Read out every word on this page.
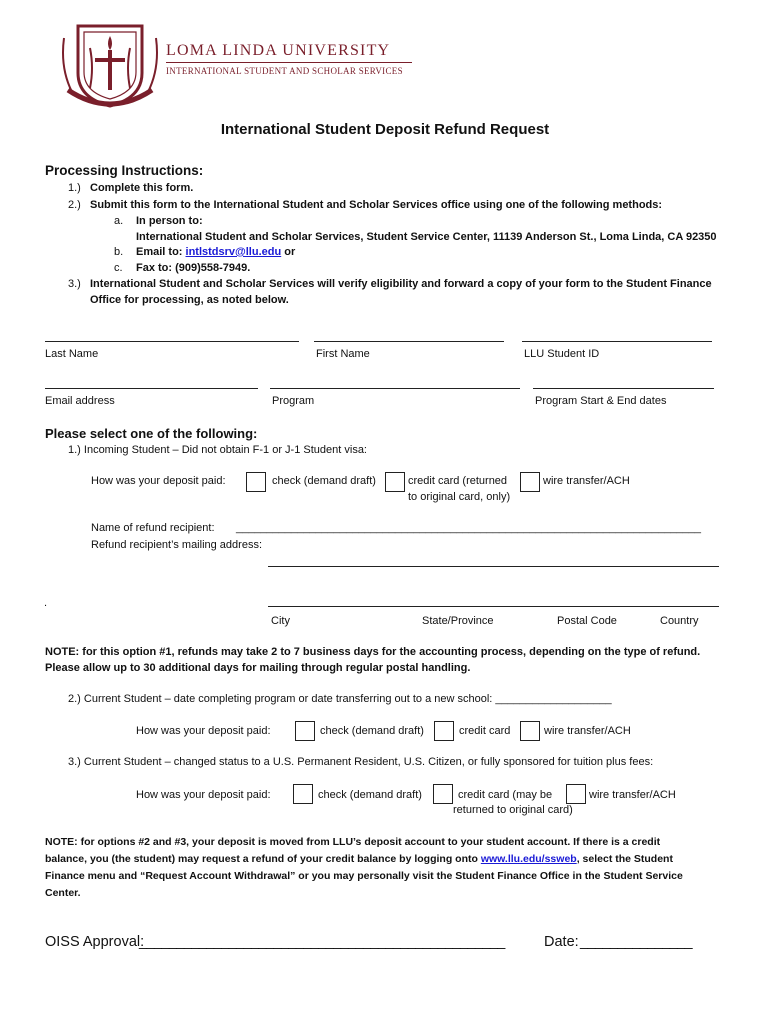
LOMA LINDA UNIVERSITY
INTERNATIONAL STUDENT AND SCHOLAR SERVICES
International Student Deposit Refund Request
Processing Instructions:
1.) Complete this form.
2.) Submit this form to the International Student and Scholar Services office using one of the following methods:
a. In person to:
International Student and Scholar Services, Student Service Center, 11139 Anderson St., Loma Linda, CA 92350
b. Email to: intlstdsrv@llu.edu or
c. Fax to: (909)558-7949.
3.) International Student and Scholar Services will verify eligibility and forward a copy of your form to the Student Finance
Office for processing, as noted below.
Last Name	First Name	LLU Student ID
Email address	Program	Program Start & End dates
Please select one of the following:
1.) Incoming Student – Did not obtain F-1 or J-1 Student visa:
How was your deposit paid:	check (demand draft)	credit card (returned
to original card, only)
wire transfer/ACH
Name of refund recipient: ____________________________________________________________________________
Refund recipient’s mailing address:
.
City	State/Province	Postal Code	Country
NOTE: for this option #1, refunds may take 2 to 7 business days for the accounting process, depending on the type of refund.
Please allow up to 30 additional days for mailing through regular postal handling.
2.) Current Student – date completing program or date transferring out to a new school: ___________________
How was your deposit paid:	check (demand draft)	credit card	wire transfer/ACH
3.) Current Student – changed status to a U.S. Permanent Resident, U.S. Citizen, or fully sponsored for tuition plus fees:
How was your deposit paid:	check (demand draft)	credit card (may be
returned to original card)
wire transfer/ACH
NOTE: for options #2 and #3, your deposit is moved from LLU’s deposit account to your student account. If there is a credit
balance, you (the student) may request a refund of your credit balance by logging onto www.llu.edu/ssweb, select the Student
Finance menu and “Request Account Withdrawal” or you may personally visit the Student Finance Office in the Student Service
Center.
OISS Approval:
_________________________________________________	Date: _______________
